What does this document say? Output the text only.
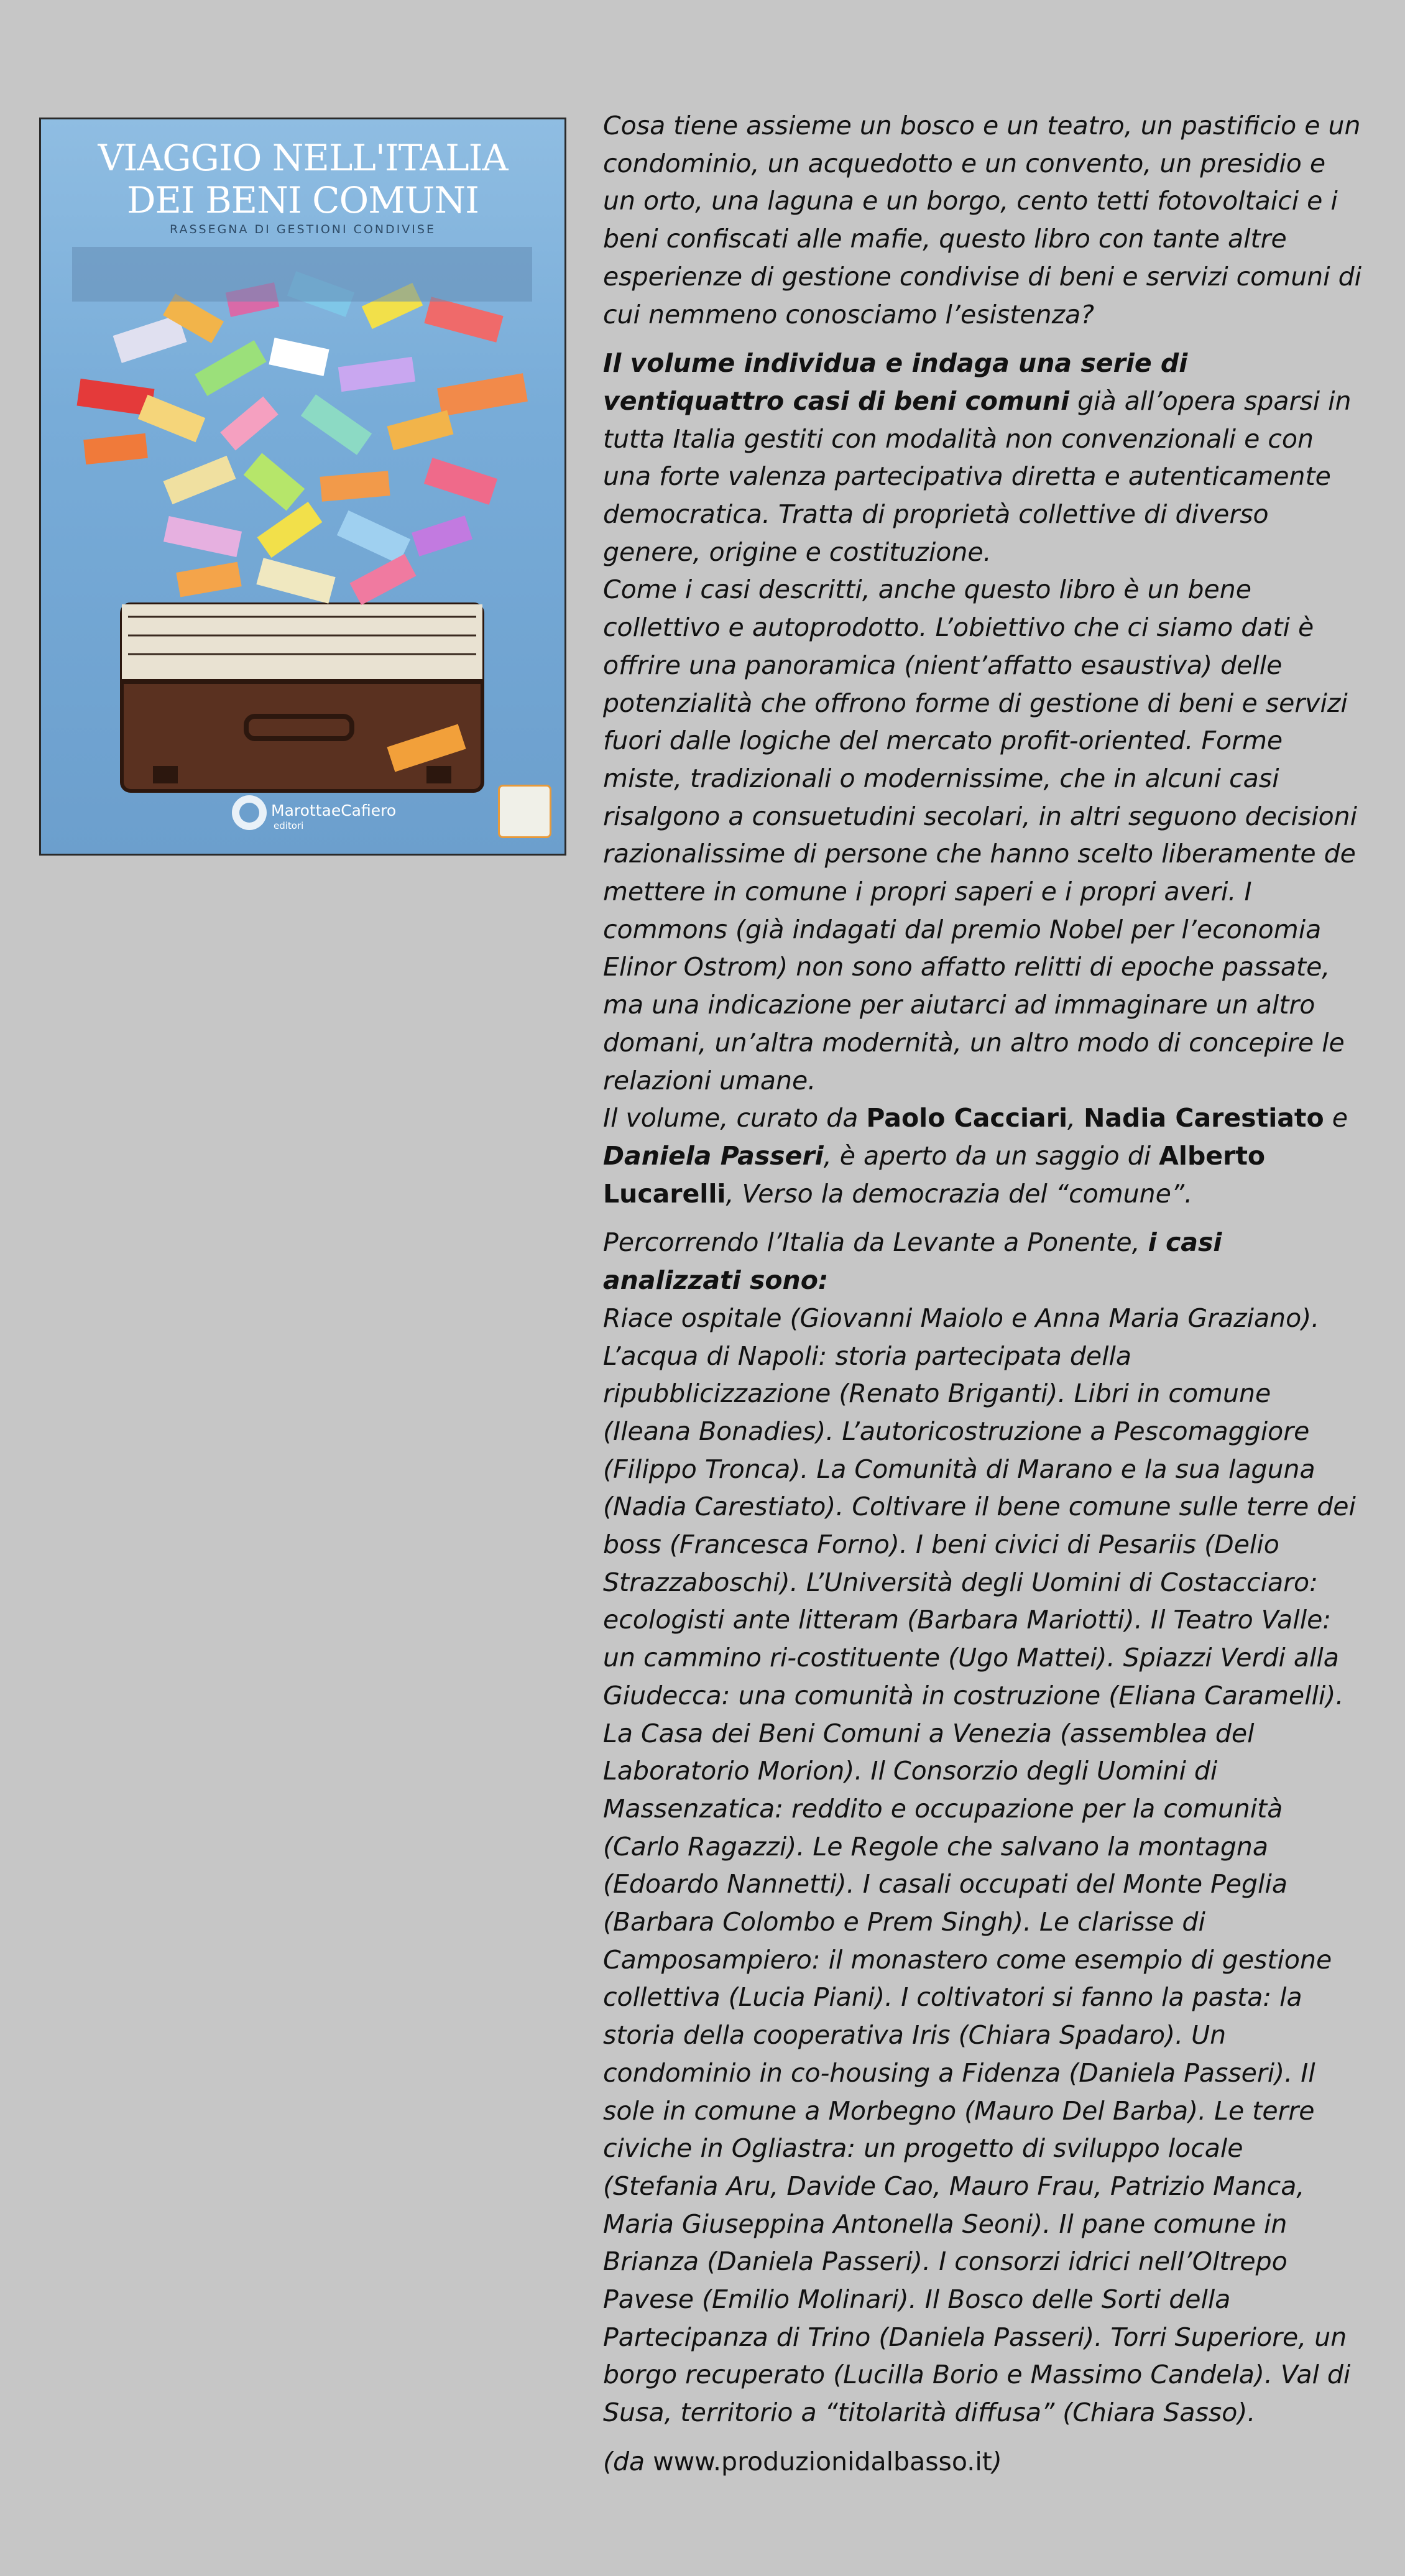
VIAGGIO NELL'ITALIA
DEI BENI COMUNI
RASSEGNA DI GESTIONI CONDIVISE
MarottaeCafiero
editori

Cosa tiene assieme un bosco e un teatro, un pastificio e un condominio, un acquedotto e un convento, un presidio e un orto, una laguna e un borgo, cento tetti fotovoltaici e i beni confiscati alle mafie, questo libro con tante altre esperienze di gestione condivise di beni e servizi comuni di cui nemmeno conosciamo l’esistenza?

Il volume individua e indaga una serie di ventiquattro casi di beni comuni già all’opera sparsi in tutta Italia gestiti con modalità non convenzionali e con una forte valenza partecipativa diretta e autenticamente democratica. Tratta di proprietà collettive di diverso genere, origine e costituzione.

Come i casi descritti, anche questo libro è un bene collettivo e autoprodotto. L’obiettivo che ci siamo dati è offrire una panoramica (nient’affatto esaustiva) delle potenzialità che offrono forme di gestione di beni e servizi fuori dalle logiche del mercato profit-oriented. Forme miste, tradizionali o modernissime, che in alcuni casi risalgono a consuetudini secolari, in altri seguono decisioni razionalissime di persone che hanno scelto liberamente de mettere in comune i propri saperi e i propri averi. I commons (già indagati dal premio Nobel per l’economia Elinor Ostrom) non sono affatto relitti di epoche passate, ma una indicazione per aiutarci ad immaginare un altro domani, un’altra modernità, un altro modo di concepire le relazioni umane.

Il volume, curato da Paolo Cacciari, Nadia Carestiato e Daniela Passeri, è aperto da un saggio di Alberto Lucarelli, Verso la democrazia del “comune”.

Percorrendo l’Italia da Levante a Ponente, i casi analizzati sono:

Riace ospitale (Giovanni Maiolo e Anna Maria Graziano). L’acqua di Napoli: storia partecipata della ripubblicizzazione (Renato Briganti). Libri in comune (Ileana Bonadies). L’autoricostruzione a Pescomaggiore (Filippo Tronca). La Comunità di Marano e la sua laguna (Nadia Carestiato). Coltivare il bene comune sulle terre dei boss (Francesca Forno). I beni civici di Pesariis (Delio Strazzaboschi). L’Università degli Uomini di Costacciaro: ecologisti ante litteram (Barbara Mariotti). Il Teatro Valle: un cammino ri-costituente (Ugo Mattei). Spiazzi Verdi alla Giudecca: una comunità in costruzione (Eliana Caramelli). La Casa dei Beni Comuni a Venezia (assemblea del Laboratorio Morion). Il Consorzio degli Uomini di Massenzatica: reddito e occupazione per la comunità (Carlo Ragazzi). Le Regole che salvano la montagna (Edoardo Nannetti). I casali occupati del Monte Peglia (Barbara Colombo e Prem Singh). Le clarisse di Camposampiero: il monastero come esempio di gestione collettiva (Lucia Piani). I coltivatori si fanno la pasta: la storia della cooperativa Iris (Chiara Spadaro). Un condominio in co-housing a Fidenza (Daniela Passeri). Il sole in comune a Morbegno (Mauro Del Barba). Le terre civiche in Ogliastra: un progetto di sviluppo locale (Stefania Aru, Davide Cao, Mauro Frau, Patrizio Manca, Maria Giuseppina Antonella Seoni). Il pane comune in Brianza (Daniela Passeri). I consorzi idrici nell’Oltrepo Pavese (Emilio Molinari). Il Bosco delle Sorti della Partecipanza di Trino (Daniela Passeri). Torri Superiore, un borgo recuperato (Lucilla Borio e Massimo Candela). Val di Susa, territorio a “titolarità diffusa” (Chiara Sasso).

(da www.produzionidalbasso.it)
